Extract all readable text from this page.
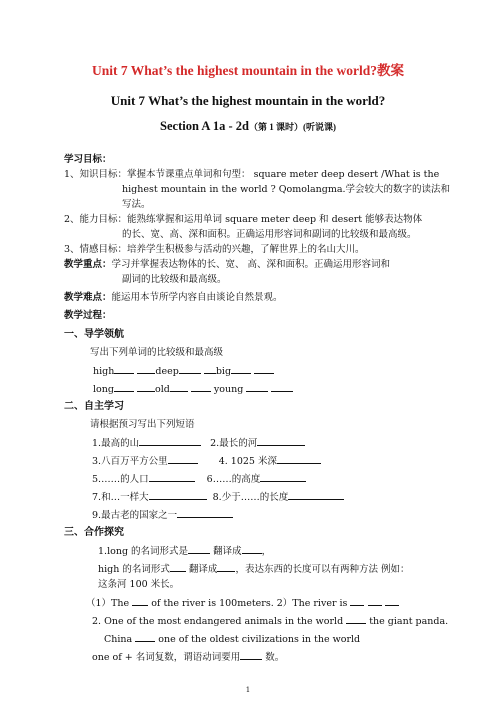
Unit 7 What’s the highest mountain in the world?教案
Unit 7 What’s the highest mountain in the world?
Section A 1a - 2d（第 1 课时）(听说课)
学习目标：
1、知识目标：掌握本节课重点单词和句型： square meter deep desert /What is the
highest mountain in the world ? Qomolangma.学会较大的数字的读法和
写法。
2、能力目标：能熟练掌握和运用单词 square meter deep 和 desert 能够表达物体
的长、宽、高、深和面积。正确运用形容词和副词的比较级和最高级。
3、情感目标：培养学生积极参与活动的兴趣，了解世界上的名山大川。
教学重点：学习并掌握表达物体的长、宽、 高、深和面积。正确运用形容词和
副词的比较级和最高级。
教学难点：能运用本节所学内容自由谈论自然景观。
教学过程：
一、导学领航
写出下列单词的比较级和最高级
high	deep	big
long	old	young
二、自主学习
请根据预习写出下列短语
1.最高的山	2.最长的河
3.八百万平方公里	4. 1025 米深
5.……的人口	6……的高度
7.和…一样大	8.少于……的长度
9.最古老的国家之一
三、合作探究
1.long 的名词形式是	翻译成 ，
high 的名词形式 翻译成 ，表达东西的长度可以有两种方法 例如：
这条河 100 米长。
（1）The of the river is 100meters. 2）The river is
2. One of the most endangered animals in the world	the giant panda.
China	one of the oldest civilizations in the world
one of + 名词复数，谓语动词要用	数。
1
